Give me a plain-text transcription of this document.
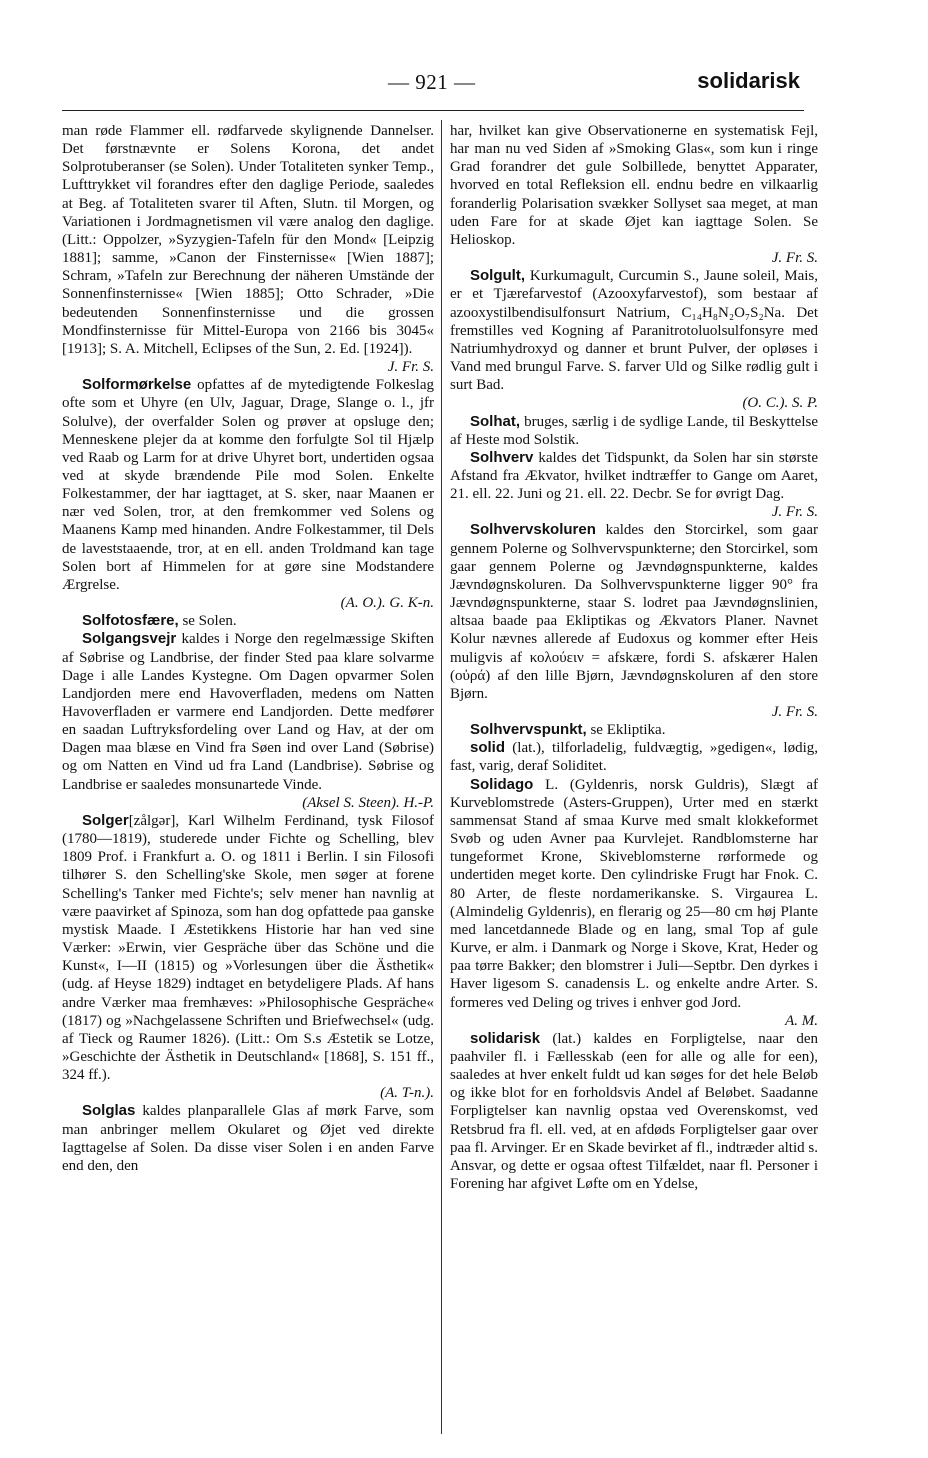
— 921 —	solidarisk

man røde Flammer ell. rødfarvede skylignende Dannelser. Det førstnævnte er Solens Korona, det andet Solprotuberanser (se Solen). Under Totaliteten synker Temp., Lufttrykket vil forandres efter den daglige Periode, saaledes at Beg. af Totaliteten svarer til Aften, Slutn. til Morgen, og Variationen i Jordmagnetismen vil være analog den daglige. (Litt.: Oppolzer, »Syzygien-Tafeln für den Mond« [Leipzig 1881]; samme, »Canon der Finsternisse« [Wien 1887]; Schram, »Tafeln zur Berechnung der näheren Umstände der Sonnenfinsternisse« [Wien 1885]; Otto Schrader, »Die bedeutenden Sonnenfinsternisse und die grossen Mondfinsternisse für Mittel-Europa von 2166 bis 3045« [1913]; S. A. Mitchell, Eclipses of the Sun, 2. Ed. [1924]).
J. Fr. S.

Solformørkelse opfattes af de mytedigtende Folkeslag ofte som et Uhyre (en Ulv, Jaguar, Drage, Slange o. l., jfr Solulve), der overfalder Solen og prøver at opsluge den; Menneskene plejer da at komme den forfulgte Sol til Hjælp ved Raab og Larm for at drive Uhyret bort, undertiden ogsaa ved at skyde brændende Pile mod Solen. Enkelte Folkestammer, der har iagttaget, at S. sker, naar Maanen er nær ved Solen, tror, at den fremkommer ved Solens og Maanens Kamp med hinanden. Andre Folkestammer, til Dels de laveststaaende, tror, at en ell. anden Troldmand kan tage Solen bort af Himmelen for at gøre sine Modstandere Ærgrelse.
(A. O.). G. K-n.

Solfotosfære, se Solen.

Solgangsvejr kaldes i Norge den regelmæssige Skiften af Søbrise og Landbrise, der finder Sted paa klare solvarme Dage i alle Landes Kystegne. Om Dagen opvarmer Solen Landjorden mere end Havoverfladen, medens om Natten Havoverfladen er varmere end Landjorden. Dette medfører en saadan Luftryksfordeling over Land og Hav, at der om Dagen maa blæse en Vind fra Søen ind over Land (Søbrise) og om Natten en Vind ud fra Land (Landbrise). Søbrise og Landbrise er saaledes monsunartede Vinde.
(Aksel S. Steen). H.-P.

Solger[zålgər], Karl Wilhelm Ferdinand, tysk Filosof (1780—1819), studerede under Fichte og Schelling, blev 1809 Prof. i Frankfurt a. O. og 1811 i Berlin. I sin Filosofi tilhører S. den Schelling'ske Skole, men søger at forene Schelling's Tanker med Fichte's; selv mener han navnlig at være paavirket af Spinoza, som han dog opfattede paa ganske mystisk Maade. I Æstetikkens Historie har han ved sine Værker: »Erwin, vier Gespräche über das Schöne und die Kunst«, I—II (1815) og »Vorlesungen über die Ästhetik« (udg. af Heyse 1829) indtaget en betydeligere Plads. Af hans andre Værker maa fremhæves: »Philosophische Gespräche« (1817) og »Nachgelassene Schriften und Briefwechsel« (udg. af Tieck og Raumer 1826). (Litt.: Om S.s Æstetik se Lotze, »Geschichte der Ästhetik in Deutschland« [1868], S. 151 ff., 324 ff.).
(A. T-n.).

Solglas kaldes planparallele Glas af mørk Farve, som man anbringer mellem Okularet og Øjet ved direkte Iagttagelse af Solen. Da disse viser Solen i en anden Farve end den, den

har, hvilket kan give Observationerne en systematisk Fejl, har man nu ved Siden af »Smoking Glas«, som kun i ringe Grad forandrer det gule Solbillede, benyttet Apparater, hvorved en total Refleksion ell. endnu bedre en vilkaarlig foranderlig Polarisation svækker Sollyset saa meget, at man uden Fare for at skade Øjet kan iagttage Solen. Se Helioskop.
J. Fr. S.

Solgult, Kurkumagult, Curcumin S., Jaune soleil, Mais, er et Tjærefarvestof (Azooxyfarvestof), som bestaar af azooxystilbendisulfonsurt Natrium, C₁₄H₈N₂O₇S₂Na. Det fremstilles ved Kogning af Paranitrotoluolsulfonsyre med Natriumhydroxyd og danner et brunt Pulver, der opløses i Vand med brungul Farve. S. farver Uld og Silke rødlig gult i surt Bad.
(O. C.). S. P.

Solhat, bruges, særlig i de sydlige Lande, til Beskyttelse af Heste mod Solstik.

Solhverv kaldes det Tidspunkt, da Solen har sin største Afstand fra Ækvator, hvilket indtræffer to Gange om Aaret, 21. ell. 22. Juni og 21. ell. 22. Decbr. Se for øvrigt Dag.
J. Fr. S.

Solhvervskoluren kaldes den Storcirkel, som gaar gennem Polerne og Solhvervspunkterne; den Storcirkel, som gaar gennem Polerne og Jævndøgnspunkterne, kaldes Jævndøgnskoluren. Da Solhvervspunkterne ligger 90° fra Jævndøgnspunkterne, staar S. lodret paa Jævndøgnslinien, altsaa baade paa Ekliptikas og Ækvators Planer. Navnet Kolur nævnes allerede af Eudoxus og kommer efter Heis muligvis af κολούειν = afskære, fordi S. afskærer Halen (οὐρά) af den lille Bjørn, Jævndøgnskoluren af den store Bjørn.
J. Fr. S.

Solhvervspunkt, se Ekliptika.

solid (lat.), tilforladelig, fuldvægtig, »gedigen«, lødig, fast, varig, deraf Soliditet.

Solidago L. (Gyldenris, norsk Guldris), Slægt af Kurveblomstrede (Asters-Gruppen), Urter med en stærkt sammensat Stand af smaa Kurve med smalt klokkeformet Svøb og uden Avner paa Kurvlejet. Randblomsterne har tungeformet Krone, Skiveblomsterne rørformede og undertiden meget korte. Den cylindriske Frugt har Fnok. C. 80 Arter, de fleste nordamerikanske. S. Virgaurea L. (Almindelig Gyldenris), en flerarig og 25—80 cm høj Plante med lancetdannede Blade og en lang, smal Top af gule Kurve, er alm. i Danmark og Norge i Skove, Krat, Heder og paa tørre Bakker; den blomstrer i Juli—Septbr. Den dyrkes i Haver ligesom S. canadensis L. og enkelte andre Arter. S. formeres ved Deling og trives i enhver god Jord.
A. M.

solidarisk (lat.) kaldes en Forpligtelse, naar den paahviler fl. i Fællesskab (een for alle og alle for een), saaledes at hver enkelt fuldt ud kan søges for det hele Beløb og ikke blot for en forholdsvis Andel af Beløbet. Saadanne Forpligtelser kan navnlig opstaa ved Overenskomst, ved Retsbrud fra fl. ell. ved, at en afdøds Forpligtelser gaar over paa fl. Arvinger. Er en Skade bevirket af fl., indtræder altid s. Ansvar, og dette er ogsaa oftest Tilfældet, naar fl. Personer i Forening har afgivet Løfte om en Ydelse,
